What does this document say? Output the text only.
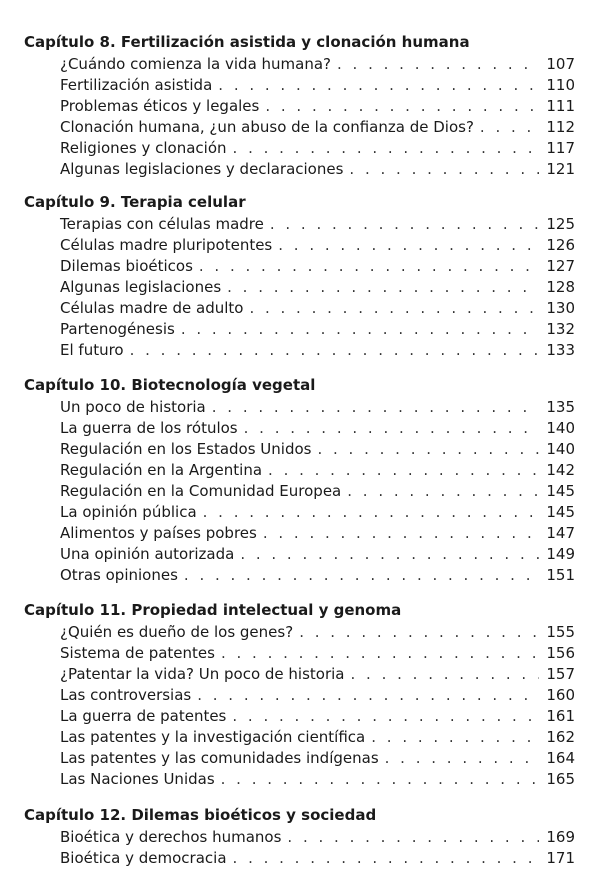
Capítulo 8. Fertilización asistida y clonación humana
¿Cuándo comienza la vida humana? . . .	107
Fertilización asistida . . .	110
Problemas éticos y legales . . .	111
Clonación humana, ¿un abuso de la confianza de Dios? . . .	112
Religiones y clonación . . .	117
Algunas legislaciones y declaraciones . . .	121
Capítulo 9. Terapia celular
Terapias con células madre . . .	125
Células madre pluripotentes . . .	126
Dilemas bioéticos . . .	127
Algunas legislaciones . . .	128
Células madre de adulto . . .	130
Partenogénesis . . .	132
El futuro . . .	133
Capítulo 10. Biotecnología vegetal
Un poco de historia . . .	135
La guerra de los rótulos . . .	140
Regulación en los Estados Unidos . . .	140
Regulación en la Argentina . . .	142
Regulación en la Comunidad Europea . . .	145
La opinión pública . . .	145
Alimentos y países pobres . . .	147
Una opinión autorizada . . .	149
Otras opiniones . . .	151
Capítulo 11. Propiedad intelectual y genoma
¿Quién es dueño de los genes? . . .	155
Sistema de patentes . . .	156
¿Patentar la vida? Un poco de historia . . .	157
Las controversias . . .	160
La guerra de patentes . . .	161
Las patentes y la investigación científica . . .	162
Las patentes y las comunidades indígenas . . .	164
Las Naciones Unidas . . .	165
Capítulo 12. Dilemas bioéticos y sociedad
Bioética y derechos humanos . . .	169
Bioética y democracia . . .	171
